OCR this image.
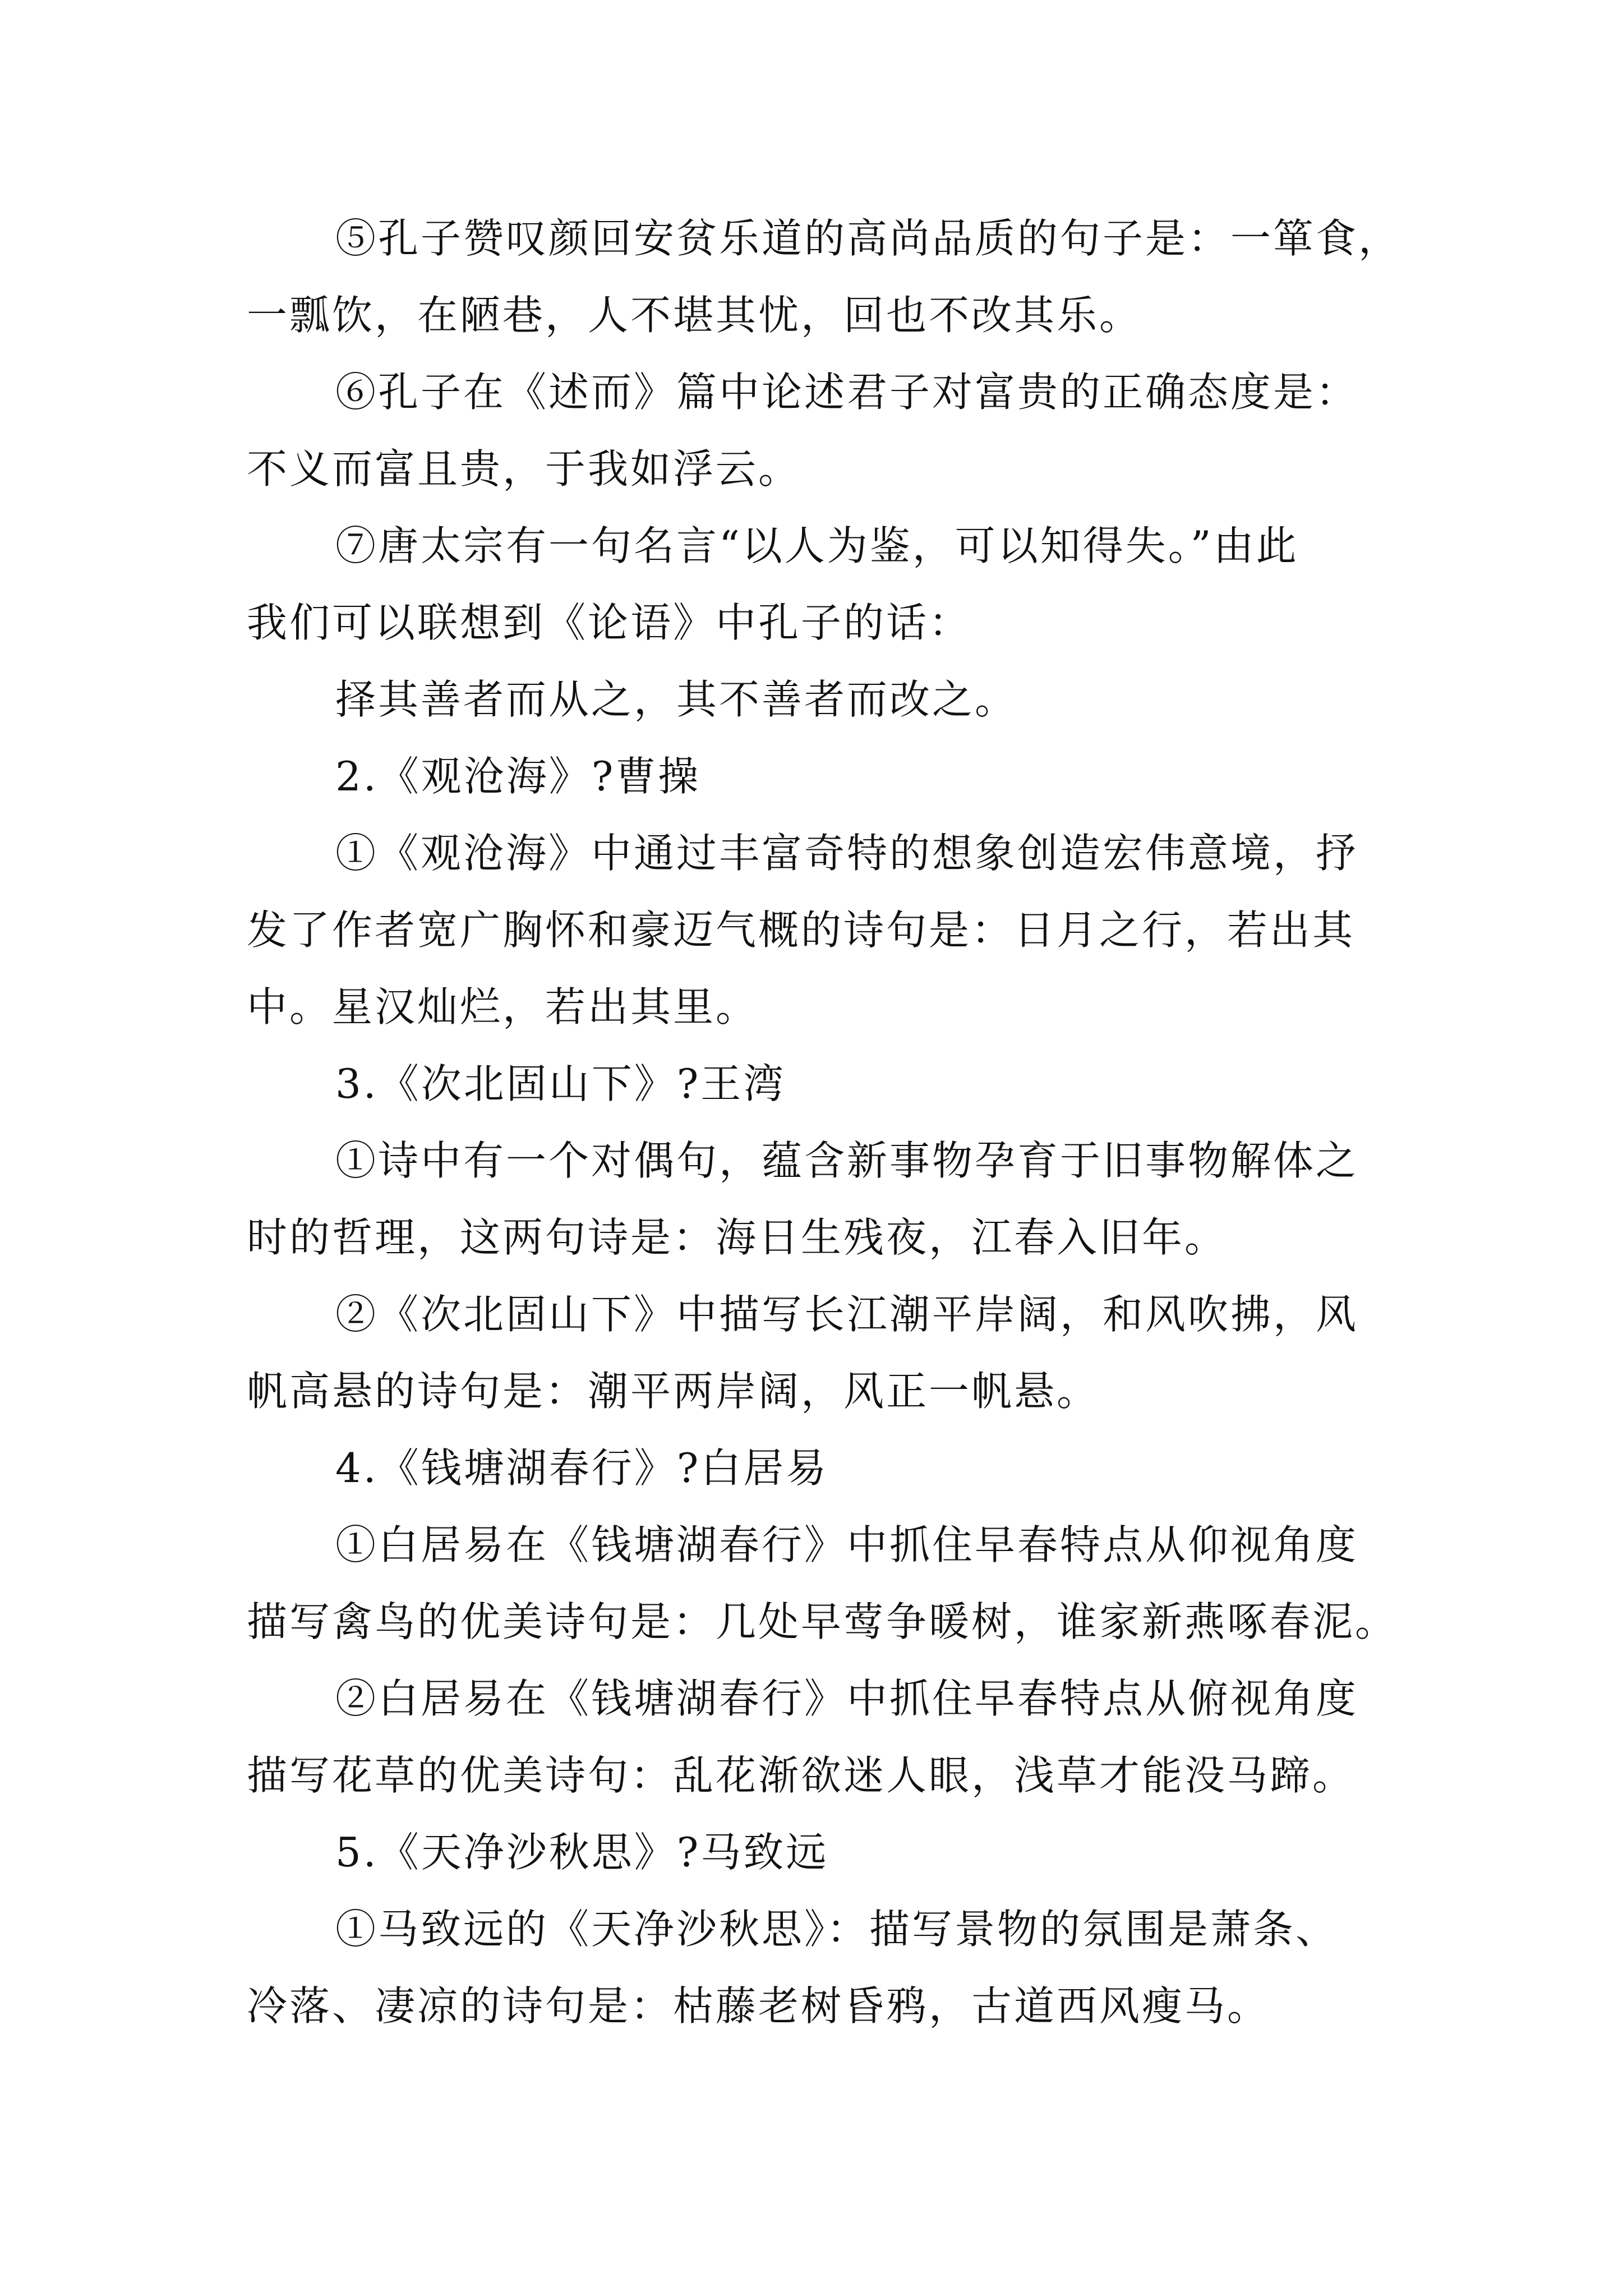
⑤孔子赞叹颜回安贫乐道的高尚品质的句子是：一箪食，
一瓢饮，在陋巷，人不堪其忧，回也不改其乐。
⑥孔子在《述而》篇中论述君子对富贵的正确态度是：
不义而富且贵，于我如浮云。
⑦唐太宗有一句名言“以人为鉴，可以知得失。”由此
我们可以联想到《论语》中孔子的话：
择其善者而从之，其不善者而改之。
2.《观沧海》?曹操
①《观沧海》中通过丰富奇特的想象创造宏伟意境，抒
发了作者宽广胸怀和豪迈气概的诗句是：日月之行，若出其
中。星汉灿烂，若出其里。
3.《次北固山下》?王湾
①诗中有一个对偶句，蕴含新事物孕育于旧事物解体之
时的哲理，这两句诗是：海日生残夜，江春入旧年。
②《次北固山下》中描写长江潮平岸阔，和风吹拂，风
帆高悬的诗句是：潮平两岸阔，风正一帆悬。
4.《钱塘湖春行》?白居易
①白居易在《钱塘湖春行》中抓住早春特点从仰视角度
描写禽鸟的优美诗句是：几处早莺争暖树，谁家新燕啄春泥。
②白居易在《钱塘湖春行》中抓住早春特点从俯视角度
描写花草的优美诗句：乱花渐欲迷人眼，浅草才能没马蹄。
5.《天净沙秋思》?马致远
①马致远的《天净沙秋思》：描写景物的氛围是萧条、
冷落、凄凉的诗句是：枯藤老树昏鸦，古道西风瘦马。
